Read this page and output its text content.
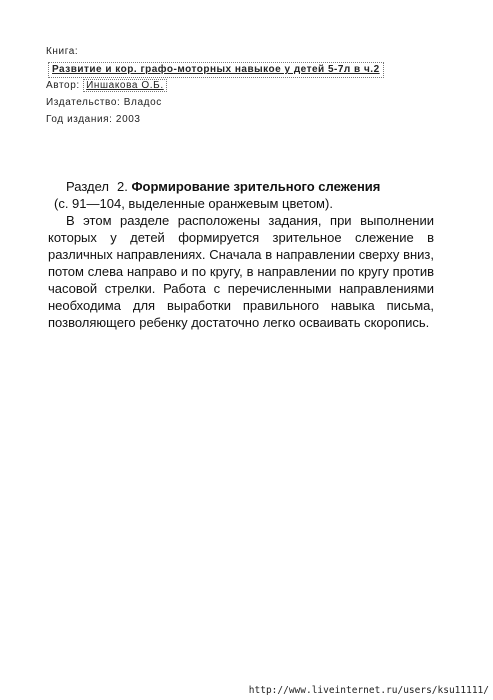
Книга:
Развитие и кор. графо-моторных навыкое у детей 5-7л в ч.2
Автор: Иншакова О.Б.
Издательство: Владос
Год издания: 2003
Раздел 2. Формирование зрительного слежения
(с. 91—104, выделенные оранжевым цветом).

В этом разделе расположены задания, при выполнении которых у детей формируется зрительное слежение в различных направлениях. Сначала в направлении сверху вниз, потом слева направо и по кругу, в направлении по кругу против часовой стрелки. Работа с перечисленными направлениями необходима для выработки правильного навыка письма, позволяющего ребенку достаточно легко осваивать скоропись.

http://www.liveinternet.ru/users/ksu11111/
